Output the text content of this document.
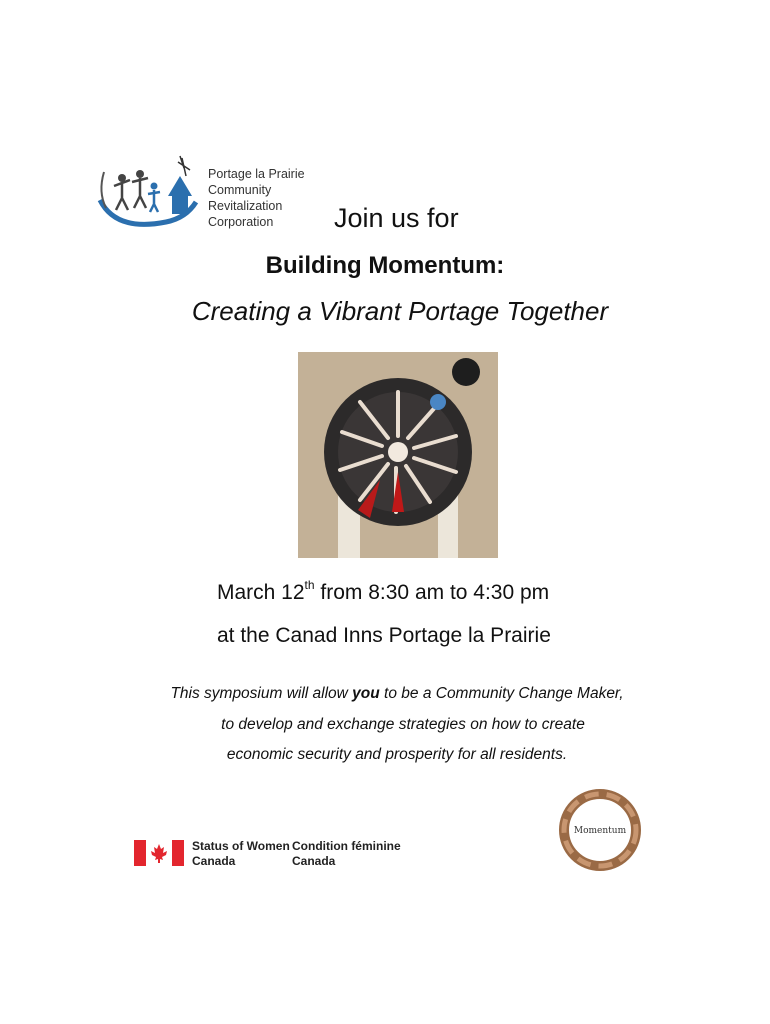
Portage la Prairie
Community
Revitalization
Corporation	Join us for
Building Momentum:
Creating a Vibrant Portage Together
March 12th from 8:30 am to 4:30 pm
at the Canad Inns Portage la Prairie
This symposium will allow you to be a Community Change Maker,
to develop and exchange strategies on how to create
economic security and prosperity for all residents.
Status of Women
Canada
Condition féminine
Canada
Momentum
